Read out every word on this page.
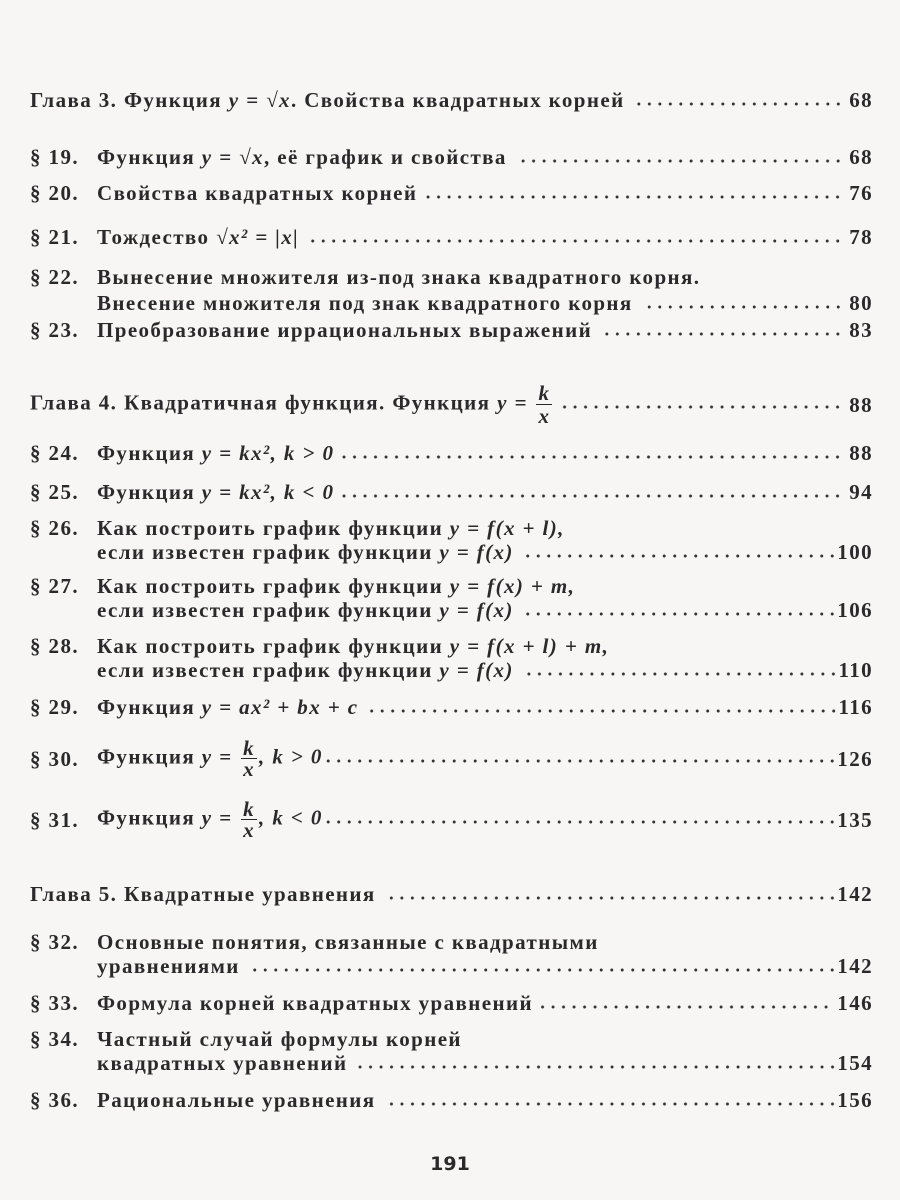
Глава 3. Функция y = √x. Свойства квадратных корней	68
§ 19. Функция y = √x, её график и свойства	68
§ 20. Свойства квадратных корней	76
§ 21. Тождество √x² = |x|	78
§ 22. Вынесение множителя из-под знака квадратного корня.
Внесение множителя под знак квадратного корня	80
§ 23. Преобразование иррациональных выражений	83
Глава 4. Квадратичная функция. Функция $y = \frac{k}{x}$	88
§ 24. Функция y = kx², k > 0	88
§ 25. Функция y = kx², k < 0	94
§ 26. Как построить график функции y = f(x + l),
если известен график функции y = f(x)	100
§ 27. Как построить график функции y = f(x) + m,
если известен график функции y = f(x)	106
§ 28. Как построить график функции y = f(x + l) + m,
если известен график функции y = f(x)	110
§ 29. Функция y = ax² + bx + c	116
§ 30. Функция $y = \frac{k}{x}$ , k > 0	126
§ 31. Функция $y = \frac{k}{x}$ , k < 0	135
Глава 5. Квадратные уравнения	142
§ 32. Основные понятия, связанные с квадратными
уравнениями	142
§ 33. Формула корней квадратных уравнений	146
§ 34. Частный случай формулы корней
квадратных уравнений	154
§ 36. Рациональные уравнения	156
191
